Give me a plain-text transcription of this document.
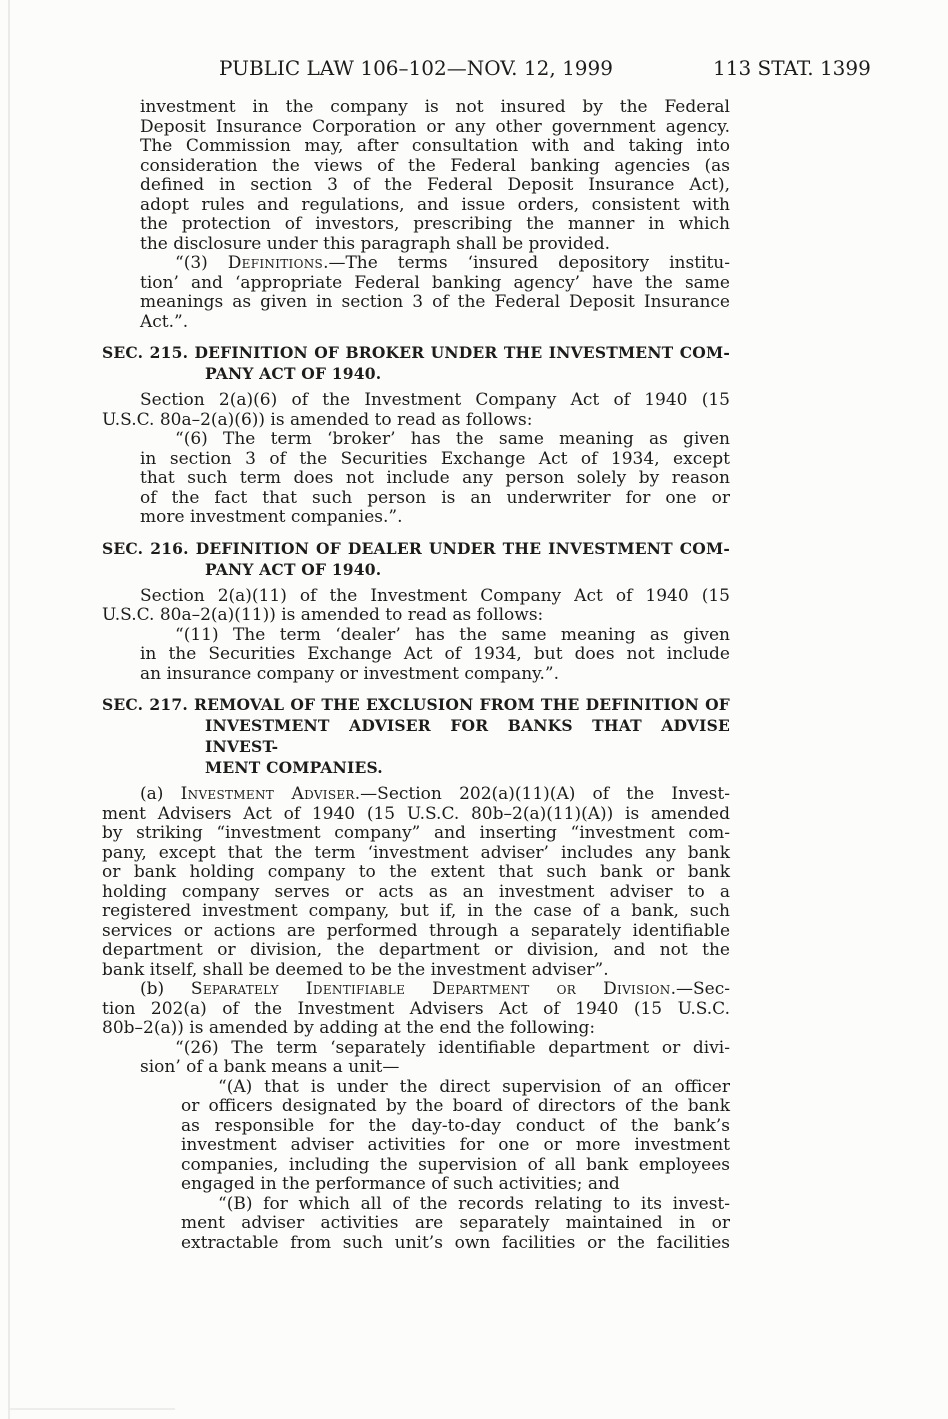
PUBLIC LAW 106–102—NOV. 12, 1999	113 STAT. 1399
investment in the company is not insured by the Federal
Deposit Insurance Corporation or any other government agency.
The Commission may, after consultation with and taking into
consideration the views of the Federal banking agencies (as
defined in section 3 of the Federal Deposit Insurance Act),
adopt rules and regulations, and issue orders, consistent with
the protection of investors, prescribing the manner in which
the disclosure under this paragraph shall be provided.
“(3) Definitions.—The terms ‘insured depository institu-
tion’ and ‘appropriate Federal banking agency’ have the same
meanings as given in section 3 of the Federal Deposit Insurance
Act.”.
SEC. 215. DEFINITION OF BROKER UNDER THE INVESTMENT COM-
PANY ACT OF 1940.
Section 2(a)(6) of the Investment Company Act of 1940 (15
U.S.C. 80a–2(a)(6)) is amended to read as follows:
“(6) The term ‘broker’ has the same meaning as given
in section 3 of the Securities Exchange Act of 1934, except
that such term does not include any person solely by reason
of the fact that such person is an underwriter for one or
more investment companies.”.
SEC. 216. DEFINITION OF DEALER UNDER THE INVESTMENT COM-
PANY ACT OF 1940.
Section 2(a)(11) of the Investment Company Act of 1940 (15
U.S.C. 80a–2(a)(11)) is amended to read as follows:
“(11) The term ‘dealer’ has the same meaning as given
in the Securities Exchange Act of 1934, but does not include
an insurance company or investment company.”.
SEC. 217. REMOVAL OF THE EXCLUSION FROM THE DEFINITION OF
INVESTMENT ADVISER FOR BANKS THAT ADVISE INVEST-
MENT COMPANIES.
(a) Investment Adviser.—Section 202(a)(11)(A) of the Invest-
ment Advisers Act of 1940 (15 U.S.C. 80b–2(a)(11)(A)) is amended
by striking “investment company” and inserting “investment com-
pany, except that the term ‘investment adviser’ includes any bank
or bank holding company to the extent that such bank or bank
holding company serves or acts as an investment adviser to a
registered investment company, but if, in the case of a bank, such
services or actions are performed through a separately identifiable
department or division, the department or division, and not the
bank itself, shall be deemed to be the investment adviser”.
(b) Separately Identifiable Department or Division.—Sec-
tion 202(a) of the Investment Advisers Act of 1940 (15 U.S.C.
80b–2(a)) is amended by adding at the end the following:
“(26) The term ‘separately identifiable department or divi-
sion’ of a bank means a unit—
“(A) that is under the direct supervision of an officer
or officers designated by the board of directors of the bank
as responsible for the day-to-day conduct of the bank’s
investment adviser activities for one or more investment
companies, including the supervision of all bank employees
engaged in the performance of such activities; and
“(B) for which all of the records relating to its invest-
ment adviser activities are separately maintained in or
extractable from such unit’s own facilities or the facilities
